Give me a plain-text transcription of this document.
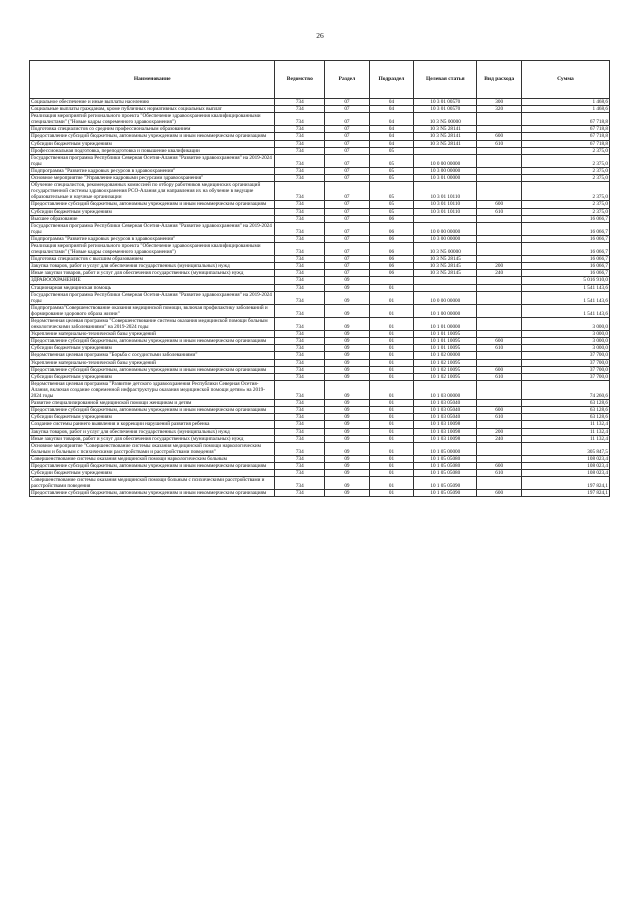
26
Наименование	Ведомство	Раздел	Подраздел	Целевая статья	Вид расхода	Сумма
Социальное обеспечение и иные выплаты населению	734	07	04	10 3 01 00570	300	1 468,6
Социальные выплаты гражданам, кроме публичных нормативных социальных выплат	734	07	04	10 3 01 00570	320	1 468,6
Реализация мероприятий регионального проекта "Обеспечение здравоохранения квалифицированными специалистами" ("Новые кадры современного здравоохранения")	734	07	04	10 3 N5 00000		67 718,8
Подготовка специалистов со средним профессиональным образованием	734	07	04	10 3 N5 28141		67 718,8
Предоставление субсидий бюджетным, автономным учреждениям и иным некоммерческим организациям	734	07	04	10 3 N5 28141	600	67 718,8
Субсидии бюджетным учреждениям	734	07	04	10 3 N5 28141	610	67 718,8
Профессиональная подготовка, переподготовка и повышение квалификации	734	07	05			2 375,0
Государственная программа Республики Северная Осетия-Алания "Развитие здравоохранения" на 2019-2024 годы	734	07	05	10 0 00 00000		2 375,0
Подпрограмма "Развитие кадровых ресурсов в здравоохранении"	734	07	05	10 3 00 00000		2 375,0
Основное мероприятие "Управление кадровыми ресурсами здравоохранения"	734	07	05	10 3 01 00000		2 375,0
Обучение специалистов, рекомендованных комиссией по отбору работников медицинских организаций государственной системы здравоохранения РСО-Алания для направления их на обучение в ведущие образовательные и научные организации	734	07	05	10 3 01 10110		2 375,0
Предоставление субсидий бюджетным, автономным учреждениям и иным некоммерческим организациям	734	07	05	10 3 01 10110	600	2 375,0
Субсидии бюджетным учреждениям	734	07	05	10 3 01 10110	610	2 375,0
Высшее образование	734	07	06			16 066,7
Государственная программа Республики Северная Осетия-Алания "Развитие здравоохранения" на 2019-2024 годы	734	07	06	10 0 00 00000		16 066,7
Подпрограмма "Развитие кадровых ресурсов в здравоохранении"	734	07	06	10 3 00 00000		16 066,7
Реализация мероприятий регионального проекта "Обеспечение здравоохранения квалифицированными специалистами" ("Новые кадры современного здравоохранения")	734	07	06	10 3 N5 00000		16 066,7
Подготовка специалистов с высшим образованием	734	07	06	10 3 N5 28145		16 066,7
Закупка товаров, работ и услуг для обеспечения государственных (муниципальных) нужд	734	07	06	10 3 N5 28145	200	16 066,7
Иные закупки товаров, работ и услуг для обеспечения государственных (муниципальных) нужд	734	07	06	10 3 N5 28145	240	16 066,7
ЗДРАВООХРАНЕНИЕ	734	09				5 016 910,0
Стационарная медицинская помощь	734	09	01			1 541 143,6
Государственная программа Республики Северная Осетия-Алания "Развитие здравоохранения" на 2019-2024 годы	734	09	01	10 0 00 00000		1 541 143,6
Подпрограмма"Совершенствование оказания медицинской помощи, включая профилактику заболеваний и формирование здорового образа жизни"	734	09	01	10 1 00 00000		1 541 143,6
Ведомственная целевая программа "Совершенствование системы оказания медицинской помощи больным онкологическими заболеваниями" на 2019-2024 годы	734	09	01	10 1 01 00000		3 000,0
Укрепление материально-технической базы учреждений	734	09	01	10 1 01 10095		3 000,0
Предоставление субсидий бюджетным, автономным учреждениям и иным некоммерческим организациям	734	09	01	10 1 01 10095	600	3 000,0
Субсидии бюджетным учреждениям	734	09	01	10 1 01 10095	610	3 000,0
Ведомственная целевая программа "Борьба с сосудистыми заболеваниями"	734	09	01	10 1 02 00000		37 700,0
Укрепление материально-технической базы учреждений	734	09	01	10 1 02 10095		37 700,0
Предоставление субсидий бюджетным, автономным учреждениям и иным некоммерческим организациям	734	09	01	10 1 02 10095	600	37 700,0
Субсидии бюджетным учреждениям	734	09	01	10 1 02 10095	610	37 700,0
Ведомственная целевая программа "Развитие детского здравоохранения Республики Северная Осетия-Алания, включая создание современной инфраструктуры оказания медицинской помощи детям» на 2019-2024 годы	734	09	01	10 1 03 00000		74 260,6
Развитие специализированной медицинской помощи женщинам и детям	734	09	01	10 1 03 05040		63 128,6
Предоставление субсидий бюджетным, автономным учреждениям и иным некоммерческим организациям	734	09	01	10 1 03 05040	600	63 128,6
Субсидии бюджетным учреждениям	734	09	01	10 1 03 05040	610	63 128,6
Создание системы раннего выявления и коррекции нарушений развития ребенка	734	09	01	10 1 03 10098		11 132,4
Закупка товаров, работ и услуг для обеспечения государственных (муниципальных) нужд	734	09	01	10 1 03 10098	200	11 132,4
Иные закупки товаров, работ и услуг для обеспечения государственных (муниципальных) нужд	734	09	01	10 1 03 10098	240	11 132,4
Основное мероприятие "Совершенствование системы оказания медицинской помощи наркологическим больным и больным с психическими расстройствами и расстройствами поведения"	734	09	01	10 1 05 00000		305 847,5
Совершенствование системы оказания медицинской помощи наркологическим больным	734	09	01	10 1 05 05080		108 023,4
Предоставление субсидий бюджетным, автономным учреждениям и иным некоммерческим организациям	734	09	01	10 1 05 05080	600	108 023,4
Субсидии бюджетным учреждениям	734	09	01	10 1 05 05080	610	108 023,4
Совершенствование системы оказания медицинской помощи больным с психическими расстройствами и расстройствами поведения	734	09	01	10 1 05 05090		197 824,1
Предоставление субсидий бюджетным, автономным учреждениям и иным некоммерческим организациям	734	09	01	10 1 05 05090	600	197 824,1
